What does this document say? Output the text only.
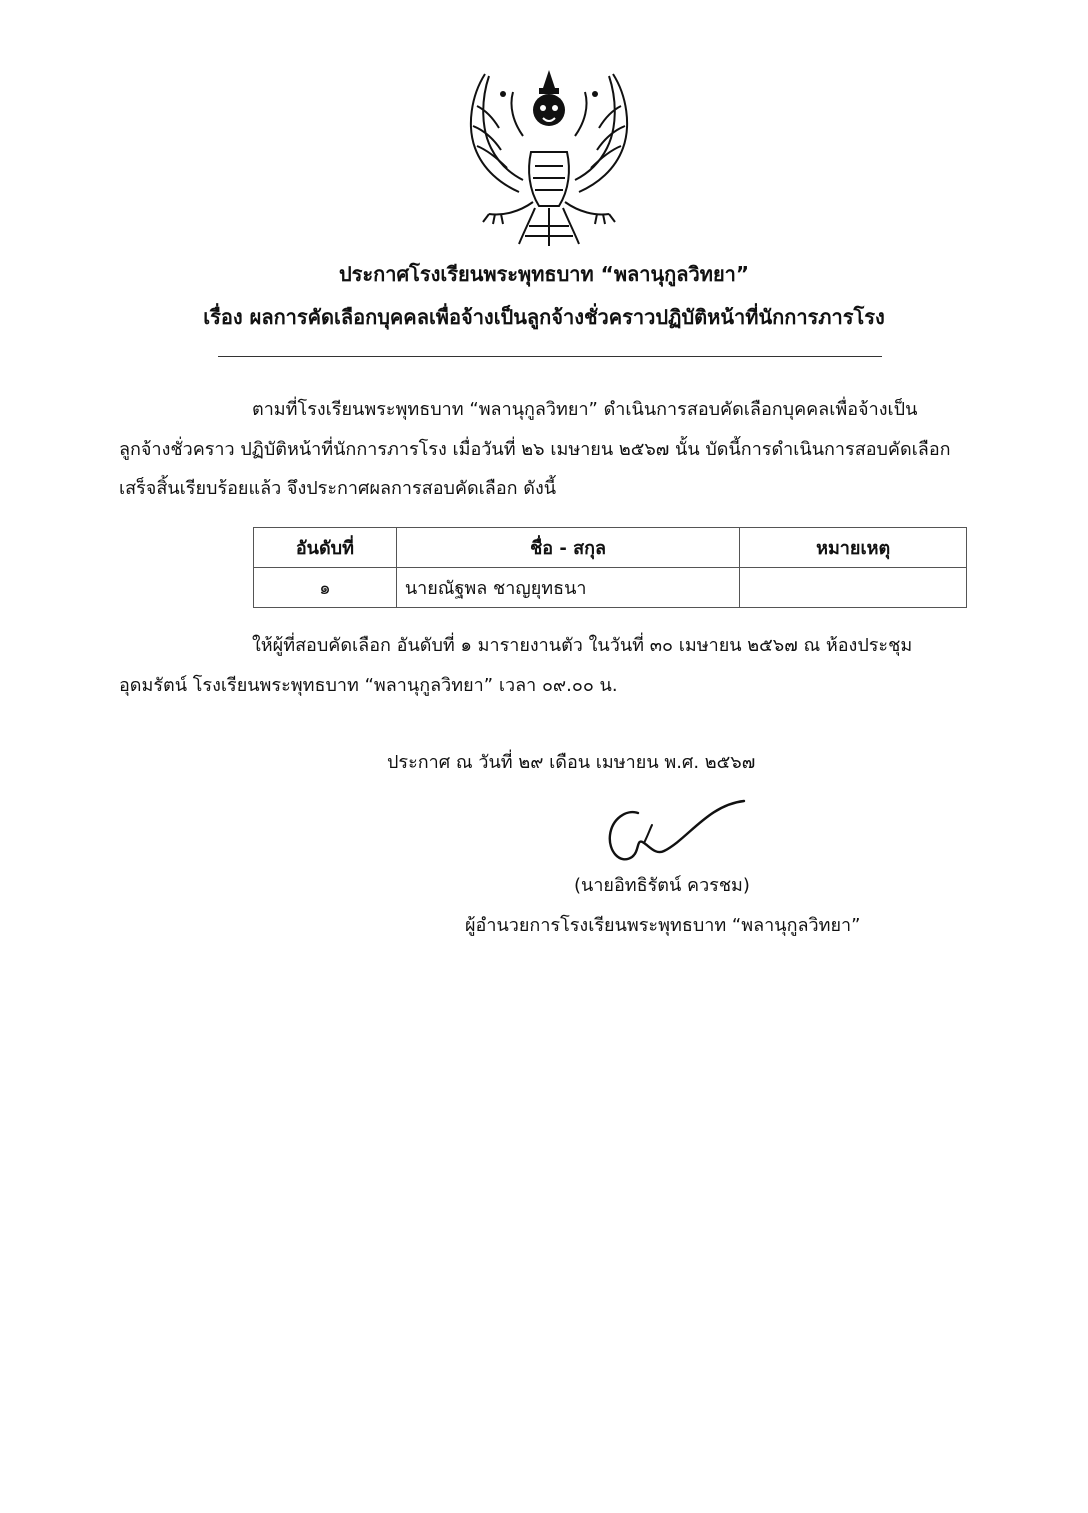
ประกาศโรงเรียนพระพุทธบาท “พลานุกูลวิทยา”
เรื่อง ผลการคัดเลือกบุคคลเพื่อจ้างเป็นลูกจ้างชั่วคราวปฏิบัติหน้าที่นักการภารโรง
ตามที่โรงเรียนพระพุทธบาท “พลานุกูลวิทยา” ดำเนินการสอบคัดเลือกบุคคลเพื่อจ้างเป็น
ลูกจ้างชั่วคราว ปฏิบัติหน้าที่นักการภารโรง เมื่อวันที่ ๒๖ เมษายน ๒๕๖๗ นั้น บัดนี้การดำเนินการสอบคัดเลือก
เสร็จสิ้นเรียบร้อยแล้ว จึงประกาศผลการสอบคัดเลือก ดังนี้
อันดับที่	ชื่อ - สกุล	หมายเหตุ
๑	นายณัฐพล ชาญยุทธนา	
ให้ผู้ที่สอบคัดเลือก อันดับที่ ๑ มารายงานตัว ในวันที่ ๓๐ เมษายน ๒๕๖๗ ณ ห้องประชุม
อุดมรัตน์ โรงเรียนพระพุทธบาท “พลานุกูลวิทยา” เวลา ๐๙.๐๐ น.
ประกาศ ณ วันที่ ๒๙ เดือน เมษายน พ.ศ. ๒๕๖๗
(นายอิทธิรัตน์ ควรชม)
ผู้อำนวยการโรงเรียนพระพุทธบาท “พลานุกูลวิทยา”
